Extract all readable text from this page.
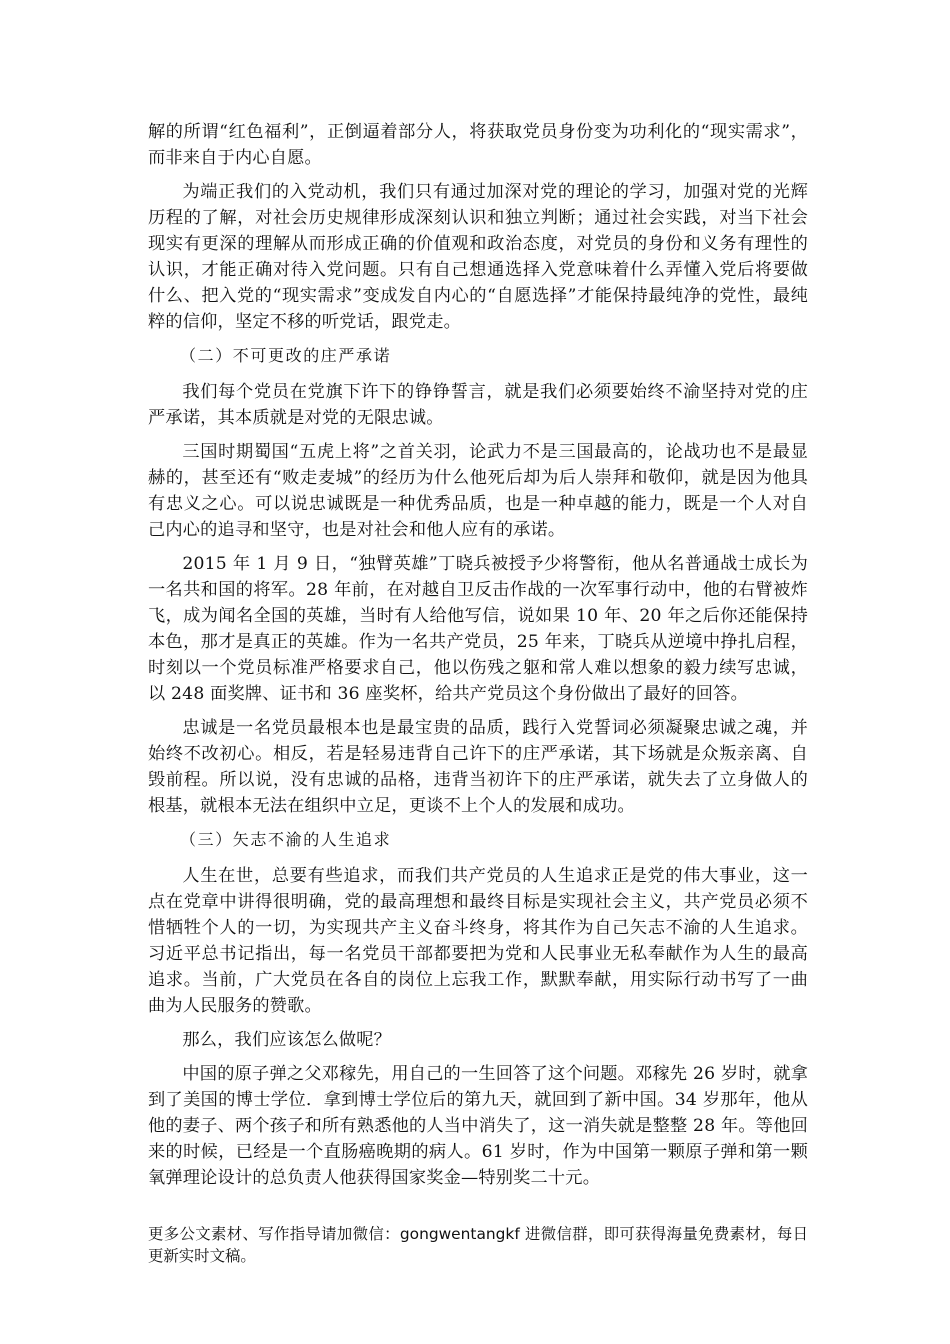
解的所谓“红色福利”，正倒逼着部分人，将获取党员身份变为功利化的“现实需求”，而非来自于内心自愿。

为端正我们的入党动机，我们只有通过加深对党的理论的学习，加强对党的光辉历程的了解，对社会历史规律形成深刻认识和独立判断；通过社会实践，对当下社会现实有更深的理解从而形成正确的价值观和政治态度，对党员的身份和义务有理性的认识，才能正确对待入党问题。只有自己想通选择入党意味着什么弄懂入党后将要做什么、把入党的“现实需求”变成发自内心的“自愿选择”才能保持最纯净的党性，最纯粹的信仰，坚定不移的听党话，跟党走。

（二）不可更改的庄严承诺

我们每个党员在党旗下许下的铮铮誓言，就是我们必须要始终不渝坚持对党的庄严承诺，其本质就是对党的无限忠诚。

三国时期蜀国“五虎上将”之首关羽，论武力不是三国最高的，论战功也不是最显赫的，甚至还有“败走麦城”的经历为什么他死后却为后人崇拜和敬仰，就是因为他具有忠义之心。可以说忠诚既是一种优秀品质，也是一种卓越的能力，既是一个人对自己内心的追寻和坚守，也是对社会和他人应有的承诺。

2015 年 1 月 9 日，“独臂英雄”丁晓兵被授予少将警衔，他从名普通战士成长为一名共和国的将军。28 年前，在对越自卫反击作战的一次军事行动中，他的右臂被炸飞，成为闻名全国的英雄，当时有人给他写信，说如果 10 年、20 年之后你还能保持本色，那才是真正的英雄。作为一名共产党员，25 年来，丁晓兵从逆境中挣扎启程，时刻以一个党员标准严格要求自己，他以伤残之躯和常人难以想象的毅力续写忠诚，以 248 面奖牌、证书和 36 座奖杯，给共产党员这个身份做出了最好的回答。

忠诚是一名党员最根本也是最宝贵的品质，践行入党誓词必须凝聚忠诚之魂，并始终不改初心。相反，若是轻易违背自己许下的庄严承诺，其下场就是众叛亲离、自毁前程。所以说，没有忠诚的品格，违背当初许下的庄严承诺，就失去了立身做人的根基，就根本无法在组织中立足，更谈不上个人的发展和成功。

（三）矢志不渝的人生追求

人生在世，总要有些追求，而我们共产党员的人生追求正是党的伟大事业，这一点在党章中讲得很明确，党的最高理想和最终目标是实现社会主义，共产党员必须不惜牺牲个人的一切，为实现共产主义奋斗终身，将其作为自己矢志不渝的人生追求。习近平总书记指出，每一名党员干部都要把为党和人民事业无私奉献作为人生的最高追求。当前，广大党员在各自的岗位上忘我工作，默默奉献，用实际行动书写了一曲曲为人民服务的赞歌。

那么，我们应该怎么做呢？

中国的原子弹之父邓稼先，用自己的一生回答了这个问题。邓稼先 26 岁时，就拿到了美国的博士学位．拿到博士学位后的第九天，就回到了新中国。34 岁那年，他从他的妻子、两个孩子和所有熟悉他的人当中消失了，这一消失就是整整 28 年。等他回来的时候，已经是一个直肠癌晚期的病人。61 岁时，作为中国第一颗原子弹和第一颗氧弹理论设计的总负责人他获得国家奖金—特别奖二十元。

更多公文素材、写作指导请加微信：gongwentangkf 进微信群，即可获得海量免费素材，每日更新实时文稿。
